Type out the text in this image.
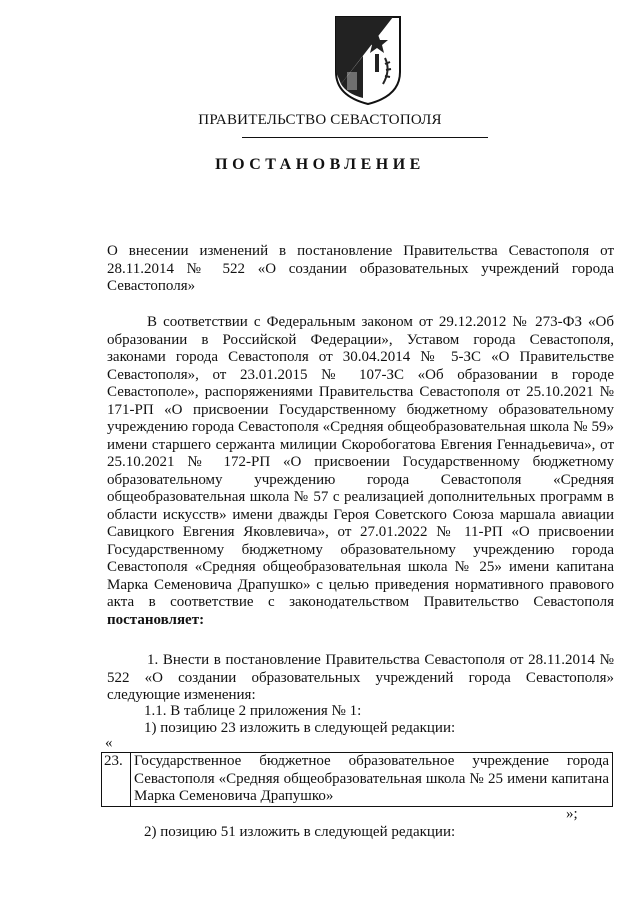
ПРАВИТЕЛЬСТВО СЕВАСТОПОЛЯ
ПОСТАНОВЛЕНИЕ

О внесении изменений в постановление Правительства Севастополя от 28.11.2014 № 522 «О создании образовательных учреждений города Севастополя»

В соответствии с Федеральным законом от 29.12.2012 № 273-ФЗ «Об образовании в Российской Федерации», Уставом города Севастополя, законами города Севастополя от 30.04.2014 № 5-ЗС «О Правительстве Севастополя», от 23.01.2015 № 107-ЗС «Об образовании в городе Севастополе», распоряжениями Правительства Севастополя от 25.10.2021 № 171-РП «О присвоении Государственному бюджетному образовательному учреждению города Севастополя «Средняя общеобразовательная школа № 59» имени старшего сержанта милиции Скоробогатова Евгения Геннадьевича», от 25.10.2021 № 172-РП «О присвоении Государственному бюджетному образовательному учреждению города Севастополя «Средняя общеобразовательная школа № 57 с реализацией дополнительных программ в области искусств» имени дважды Героя Советского Союза маршала авиации Савицкого Евгения Яковлевича», от 27.01.2022 № 11-РП «О присвоении Государственному бюджетному образовательному учреждению города Севастополя «Средняя общеобразовательная школа № 25» имени капитана Марка Семеновича Драпушко» с целью приведения нормативного правового акта в соответствие с законодательством Правительство Севастополя постановляет:

1. Внести в постановление Правительства Севастополя от 28.11.2014 № 522 «О создании образовательных учреждений города Севастополя» следующие изменения:

1.1. В таблице 2 приложения № 1:
1) позицию 23 изложить в следующей редакции:
«
23.	Государственное бюджетное образовательное учреждение города Севастополя «Средняя общеобразовательная школа № 25 имени капитана Марка Семеновича Драпушко»
»;
2) позицию 51 изложить в следующей редакции:
